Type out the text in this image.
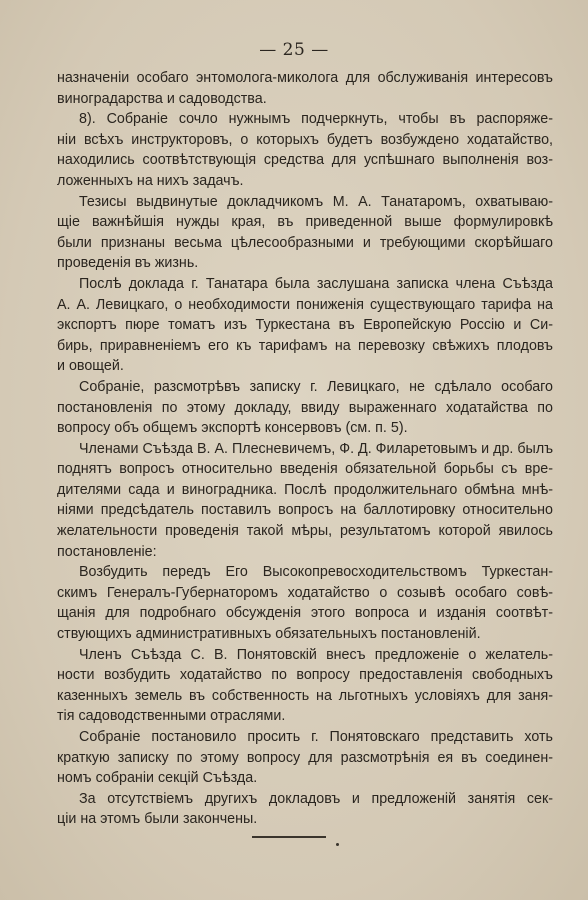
— 25 —
назначеніи особаго энтомолога-миколога для обслуживанія интересовъ
виноградарства и садоводства.
8). Собраніе сочло нужнымъ подчеркнуть, чтобы въ распоряже-
ніи всѣхъ инструкторовъ, о которыхъ будетъ возбуждено ходатайство,
находились соотвѣтствующія средства для успѣшнаго выполненія воз-
ложенныхъ на нихъ задачъ.
Тезисы выдвинутые докладчикомъ М. А. Танатаромъ, охватываю-
щіе важнѣйшія нужды края, въ приведенной выше формулировкѣ
были признаны весьма цѣлесообразными и требующими скорѣйшаго
проведенія въ жизнь.
Послѣ доклада г. Танатара была заслушана записка члена Съѣзда
А. А. Левицкаго, о необходимости пониженія существующаго тарифа на
экспортъ пюре томатъ изъ Туркестана въ Европейскую Россію и Си-
бирь, приравненіемъ его къ тарифамъ на перевозку свѣжихъ плодовъ
и овощей.
Собраніе, разсмотрѣвъ записку г. Левицкаго, не сдѣлало особаго
постановленія по этому докладу, ввиду выраженнаго ходатайства по
вопросу объ общемъ экспортѣ консервовъ (см. п. 5).
Членами Съѣзда В. А. Плесневичемъ, Ф. Д. Филаретовымъ и др. былъ
поднятъ вопросъ относительно введенія обязательной борьбы съ вре-
дителями сада и виноградника. Послѣ продолжительнаго обмѣна мнѣ-
ніями предсѣдатель поставилъ вопросъ на баллотировку относительно
желательности проведенія такой мѣры, результатомъ которой явилось
постановленіе:
Возбудить передъ Его Высокопревосходительствомъ Туркестан-
скимъ Генералъ-Губернаторомъ ходатайство о созывѣ особаго совѣ-
щанія для подробнаго обсужденія этого вопроса и изданія соотвѣт-
ствующихъ административныхъ обязательныхъ постановленій.
Членъ Съѣзда С. В. Понятовскій внесъ предложеніе о желатель-
ности возбудить ходатайство по вопросу предоставленія свободныхъ
казенныхъ земель въ собственность на льготныхъ условіяхъ для заня-
тія садоводственными отраслями.
Собраніе постановило просить г. Понятовскаго представить хоть
краткую записку по этому вопросу для разсмотрѣнія ея въ соединен-
номъ собраніи секцій Съѣзда.
За отсутствіемъ другихъ докладовъ и предложеній занятія сек-
ціи на этомъ были закончены.
